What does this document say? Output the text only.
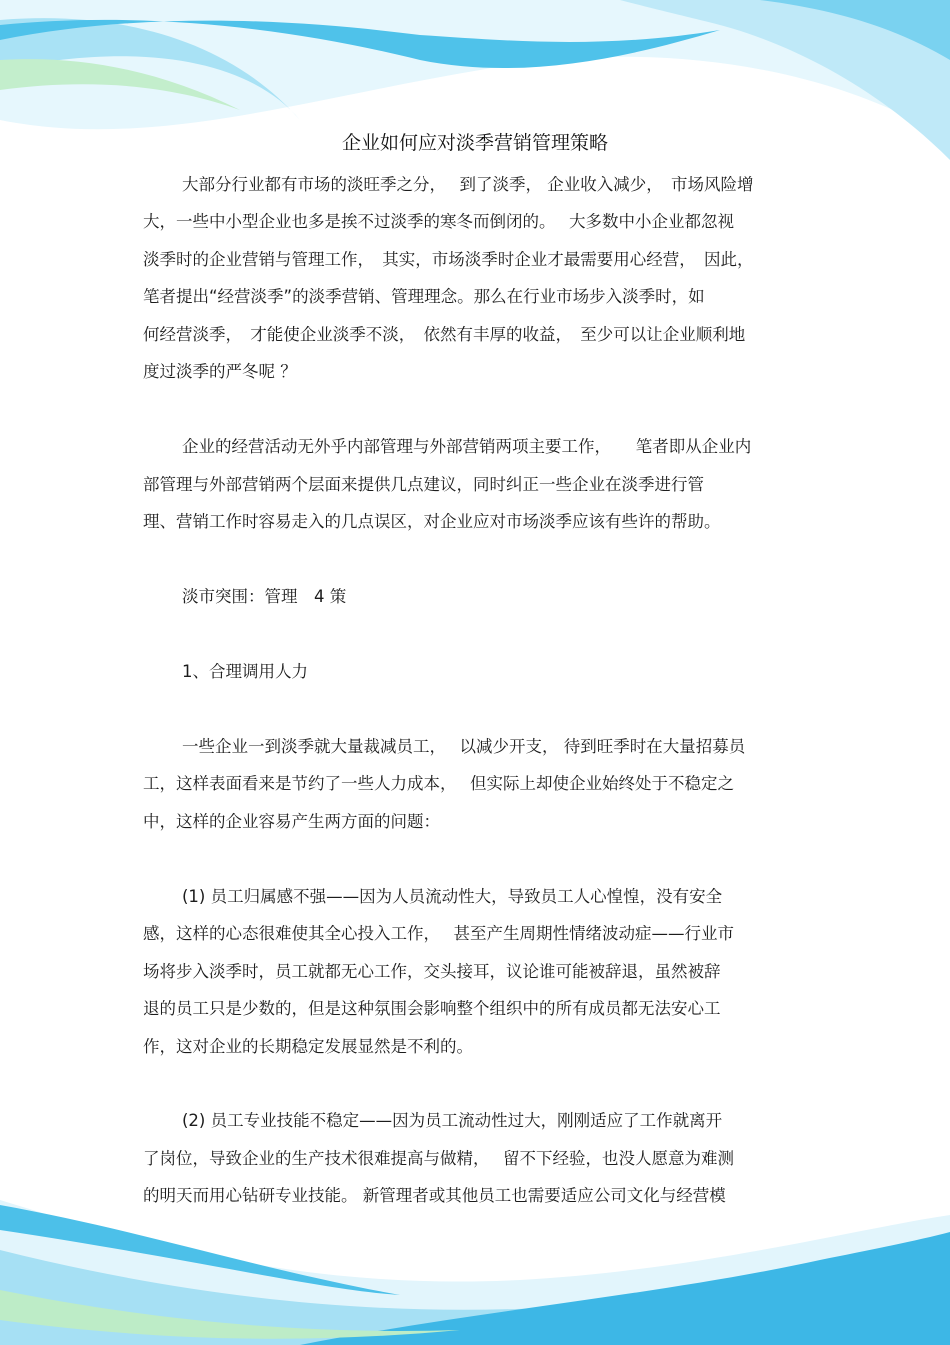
企业如何应对淡季营销管理策略
大部分行业都有市场的淡旺季之分，　 到了淡季， 企业收入减少，　市场风险增
大，一些中小型企业也多是挨不过淡季的寒冬而倒闭的。　 大多数中小企业都忽视
淡季时的企业营销与管理工作，　其实，市场淡季时企业才最需要用心经营，　因此，
笔者提出“经营淡季”的淡季营销、管理理念。那么在行业市场步入淡季时，如
何经营淡季，　才能使企业淡季不淡，　依然有丰厚的收益，　至少可以让企业顺利地
度过淡季的严冬呢 ？
企业的经营活动无外乎内部管理与外部营销两项主要工作，　　笔者即从企业内
部管理与外部营销两个层面来提供几点建议，同时纠正一些企业在淡季进行管
理、营销工作时容易走入的几点误区，对企业应对市场淡季应该有些许的帮助。
淡市突围：管理　4 策
1、合理调用人力
一些企业一到淡季就大量裁减员工，　 以减少开支， 待到旺季时在大量招募员
工，这样表面看来是节约了一些人力成本，　 但实际上却使企业始终处于不稳定之
中，这样的企业容易产生两方面的问题：
(1) 员工归属感不强——因为人员流动性大，导致员工人心惶惶，没有安全
感，这样的心态很难使其全心投入工作，　 甚至产生周期性情绪波动症——行业市
场将步入淡季时，员工就都无心工作，交头接耳，议论谁可能被辞退，虽然被辞
退的员工只是少数的，但是这种氛围会影响整个组织中的所有成员都无法安心工
作，这对企业的长期稳定发展显然是不利的。
(2) 员工专业技能不稳定——因为员工流动性过大，刚刚适应了工作就离开
了岗位，导致企业的生产技术很难提高与做精，　 留不下经验，也没人愿意为难测
的明天而用心钻研专业技能。 新管理者或其他员工也需要适应公司文化与经营模
